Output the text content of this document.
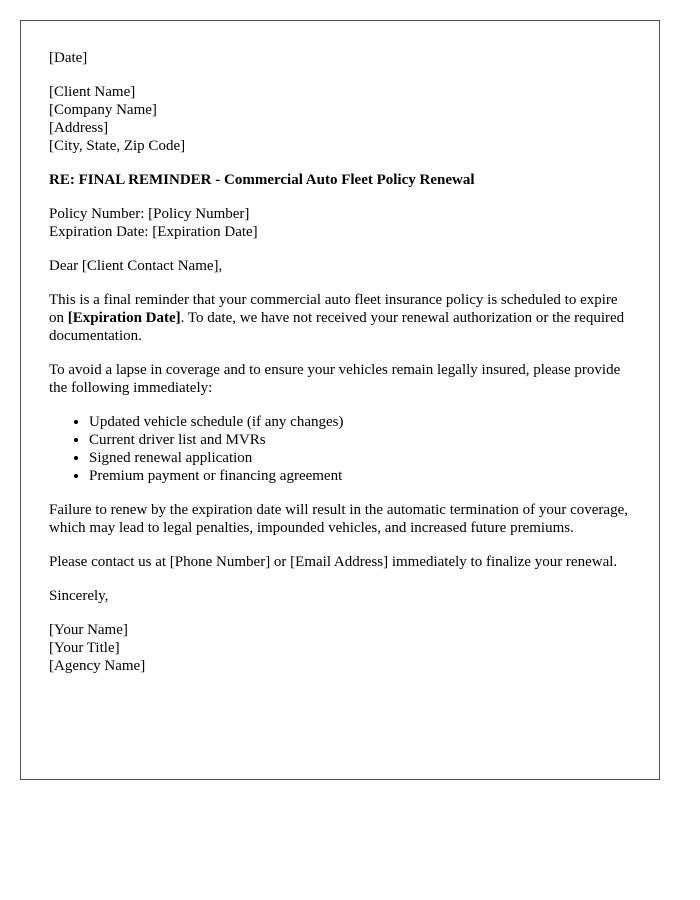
[Date]
[Client Name]
[Company Name]
[Address]
[City, State, Zip Code]
RE: FINAL REMINDER - Commercial Auto Fleet Policy Renewal
Policy Number: [Policy Number]
Expiration Date: [Expiration Date]
Dear [Client Contact Name],

This is a final reminder that your commercial auto fleet insurance policy is scheduled to expire on [Expiration Date]. To date, we have not received your renewal authorization or the required documentation.

To avoid a lapse in coverage and to ensure your vehicles remain legally insured, please provide the following immediately:

• Updated vehicle schedule (if any changes)
• Current driver list and MVRs
• Signed renewal application
• Premium payment or financing agreement

Failure to renew by the expiration date will result in the automatic termination of your coverage, which may lead to legal penalties, impounded vehicles, and increased future premiums.

Please contact us at [Phone Number] or [Email Address] immediately to finalize your renewal.

Sincerely,
[Your Name]
[Your Title]
[Agency Name]
